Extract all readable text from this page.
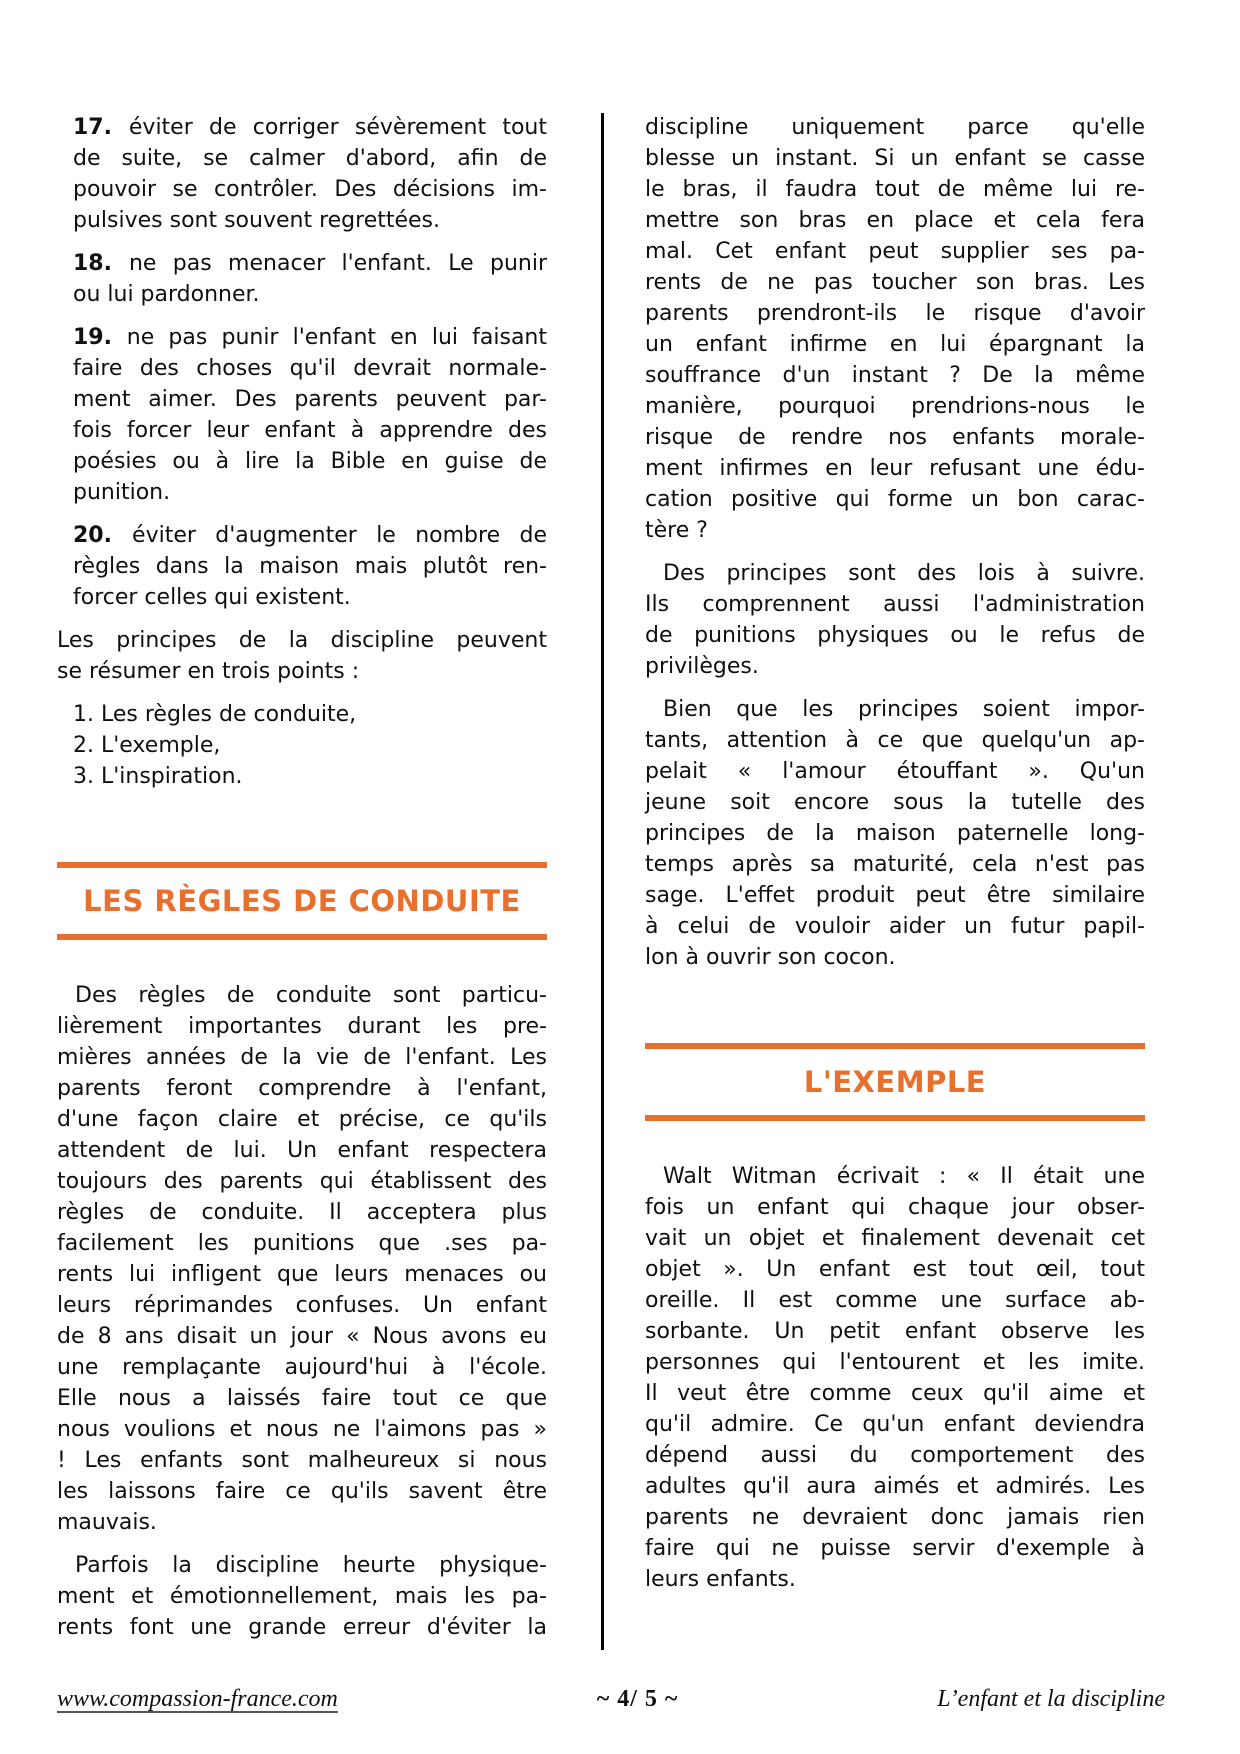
17. éviter de corriger sévèrement tout
de suite, se calmer d'abord, afin de
pouvoir se contrôler. Des décisions im-
pulsives sont souvent regrettées.
18. ne pas menacer l'enfant. Le punir
ou lui pardonner.
19. ne pas punir l'enfant en lui faisant
faire des choses qu'il devrait normale-
ment aimer. Des parents peuvent par-
fois forcer leur enfant à apprendre des
poésies ou à lire la Bible en guise de
punition.
20. éviter d'augmenter le nombre de
règles dans la maison mais plutôt ren-
forcer celles qui existent.
Les principes de la discipline peuvent
se résumer en trois points :
1. Les règles de conduite,
2. L'exemple,
3. L'inspiration.
LES RÈGLES DE CONDUITE
Des règles de conduite sont particu-
lièrement importantes durant les pre-
mières années de la vie de l'enfant. Les
parents feront comprendre à l'enfant,
d'une façon claire et précise, ce qu'ils
attendent de lui. Un enfant respectera
toujours des parents qui établissent des
règles de conduite. Il acceptera plus
facilement les punitions que .ses pa-
rents lui infligent que leurs menaces ou
leurs réprimandes confuses. Un enfant
de 8 ans disait un jour « Nous avons eu
une remplaçante aujourd'hui à l'école.
Elle nous a laissés faire tout ce que
nous voulions et nous ne l'aimons pas »
! Les enfants sont malheureux si nous
les laissons faire ce qu'ils savent être
mauvais.
Parfois la discipline heurte physique-
ment et émotionnellement, mais les pa-
rents font une grande erreur d'éviter la
discipline uniquement parce qu'elle
blesse un instant. Si un enfant se casse
le bras, il faudra tout de même lui re-
mettre son bras en place et cela fera
mal. Cet enfant peut supplier ses pa-
rents de ne pas toucher son bras. Les
parents prendront-ils le risque d'avoir
un enfant infirme en lui épargnant la
souffrance d'un instant ? De la même
manière, pourquoi prendrions-nous le
risque de rendre nos enfants morale-
ment infirmes en leur refusant une édu-
cation positive qui forme un bon carac-
tère ?
Des principes sont des lois à suivre.
Ils comprennent aussi l'administration
de punitions physiques ou le refus de
privilèges.
Bien que les principes soient impor-
tants, attention à ce que quelqu'un ap-
pelait « l'amour étouffant ». Qu'un
jeune soit encore sous la tutelle des
principes de la maison paternelle long-
temps après sa maturité, cela n'est pas
sage. L'effet produit peut être similaire
à celui de vouloir aider un futur papil-
lon à ouvrir son cocon.
L'EXEMPLE
Walt Witman écrivait : « Il était une
fois un enfant qui chaque jour obser-
vait un objet et finalement devenait cet
objet ». Un enfant est tout œil, tout
oreille. Il est comme une surface ab-
sorbante. Un petit enfant observe les
personnes qui l'entourent et les imite.
Il veut être comme ceux qu'il aime et
qu'il admire. Ce qu'un enfant deviendra
dépend aussi du comportement des
adultes qu'il aura aimés et admirés. Les
parents ne devraient donc jamais rien
faire qui ne puisse servir d'exemple à
leurs enfants.
www.compassion-france.com	~ 4/ 5 ~	L’enfant et la discipline
